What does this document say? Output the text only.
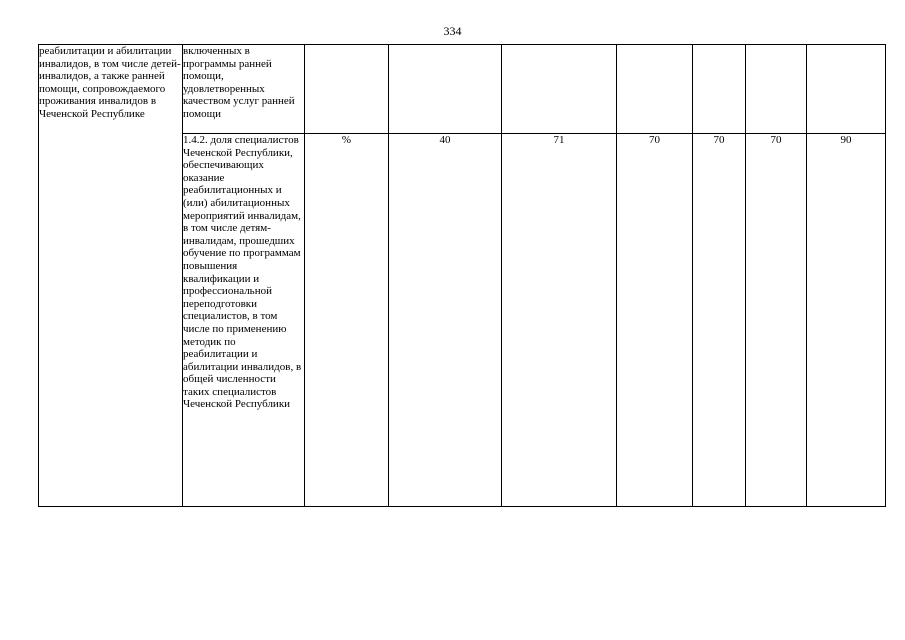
334
реабилитации и абилитации инвалидов, в том числе детей-инвалидов, а также ранней помощи, сопровождаемого проживания инвалидов в Чеченской Республике	включенных в программы ранней помощи, удовлетворенных качеством услуг ранней помощи							
	1.4.2. доля специалистов Чеченской Республики, обеспечивающих оказание реабилитационных и (или) абилитационных мероприятий инвалидам, в том числе детям-инвалидам, прошедших обучение по программам повышения квалификации и профессиональной переподготовки специалистов, в том числе по применению методик по реабилитации и абилитации инвалидов, в общей численности таких специалистов Чеченской Республики	%	40	71	70	70	70	90
